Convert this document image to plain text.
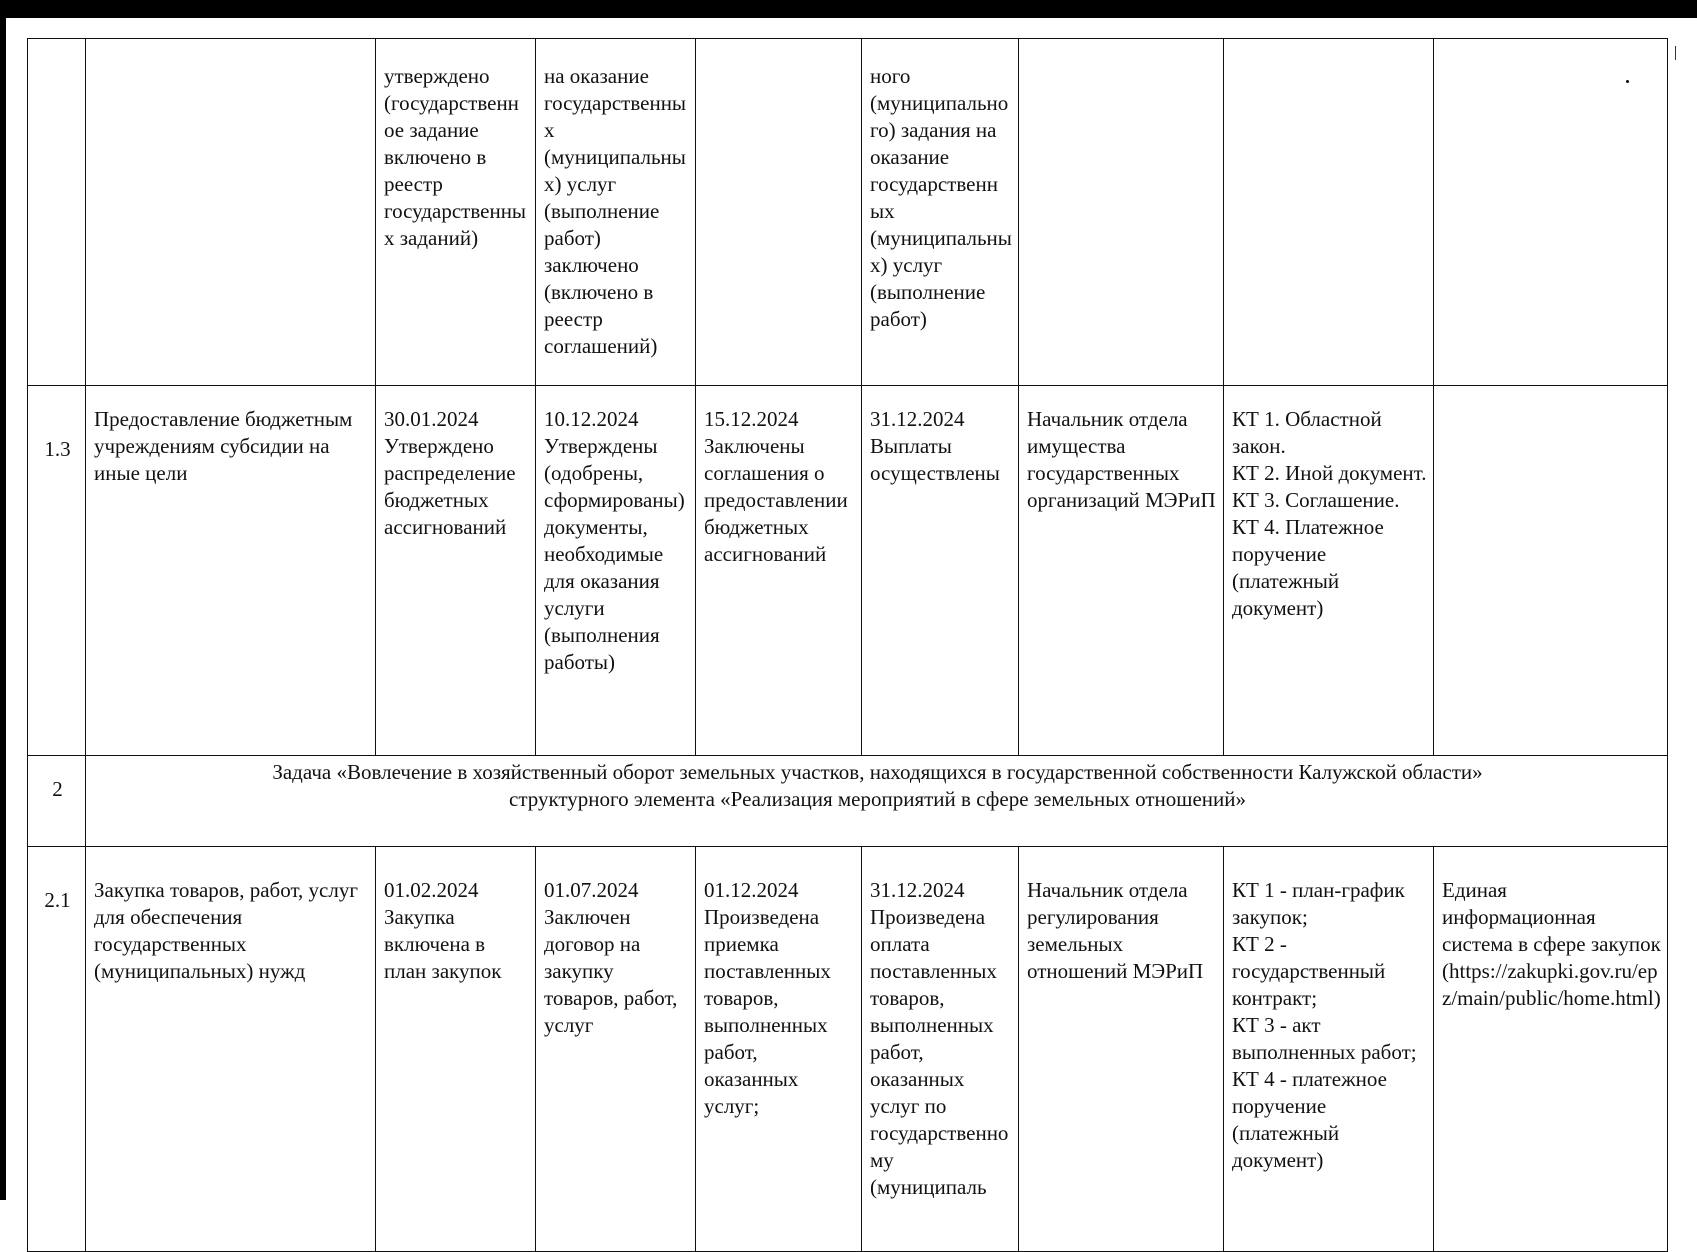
		утверждено (государственное задание включено в реестр государственных заданий)	на оказание государственных (муниципальных) услуг (выполнение работ) заключено (включено в реестр соглашений)		ного (муниципального) задания на оказание государственных (муниципальных) услуг (выполнение работ)			
1.3	Предоставление бюджетным учреждениям субсидии на иные цели	30.01.2024 Утверждено распределение бюджетных ассигнований	10.12.2024 Утверждены (одобрены, сформированы) документы, необходимые для оказания услуги (выполнения работы)	15.12.2024 Заключены соглашения о предоставлении бюджетных ассигнований	31.12.2024 Выплаты осуществлены	Начальник отдела имущества государственных организаций МЭРиП	КТ 1. Областной закон.
КТ 2. Иной документ.
КТ 3. Соглашение.
КТ 4. Платежное поручение (платежный документ)	

2	Задача «Вовлечение в хозяйственный оборот земельных участков, находящихся в государственной собственности Калужской области»
структурного элемента «Реализация мероприятий в сфере земельных отношений»							

2.1	Закупка товаров, работ, услуг для обеспечения государственных (муниципальных) нужд	01.02.2024 Закупка включена в план закупок	01.07.2024 Заключен договор на закупку товаров, работ, услуг	01.12.2024 Произведена приемка поставленных товаров, выполненных работ, оказанных услуг;	31.12.2024 Произведена оплата поставленных товаров, выполненных работ, оказанных услуг по государственному (муниципаль	Начальник отдела регулирования земельных отношений МЭРиП	КТ 1 - план-график закупок;
КТ 2 - государственный контракт;
КТ 3 - акт выполненных работ;
КТ 4 - платежное поручение (платежный документ)	Единая информационная система в сфере закупок (https://zakupki.gov.ru/epz/main/public/home.html)
